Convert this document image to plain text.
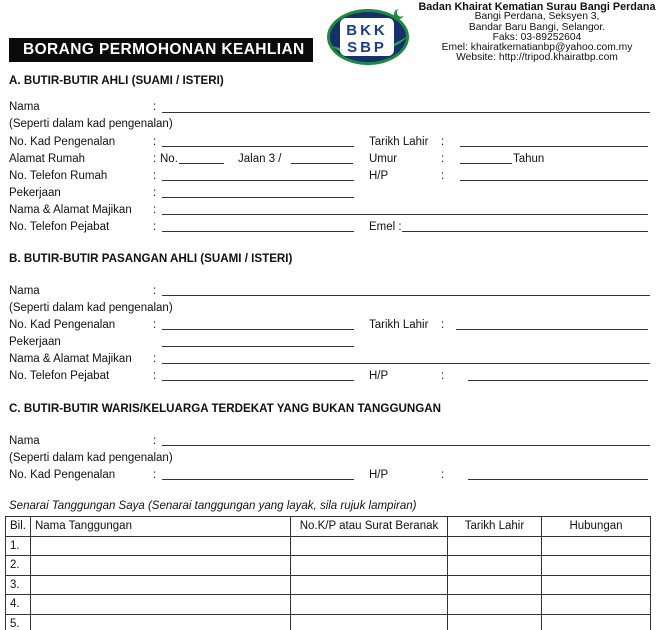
BORANG PERMOHONAN KEAHLIAN
BKK
SBP
Badan Khairat Kematian Surau Bangi Perdana
Bangi Perdana, Seksyen 3,
Bandar Baru Bangi, Selangor.
Faks: 03-89252604
Emel: khairatkematianbp@yahoo.com.my
Website: http://tripod.khairatbp.com
A. BUTIR-BUTIR AHLI (SUAMI / ISTERI)
Nama	:
(Seperti dalam kad pengenalan)
No. Kad Pengenalan	:	Tarikh Lahir :
Alamat Rumah	: No.	Jalan 3 /	Umur	:	Tahun
No. Telefon Rumah	:	H/P	:
Pekerjaan	:
Nama & Alamat Majikan :
No. Telefon Pejabat	:	Emel :
B. BUTIR-BUTIR PASANGAN AHLI (SUAMI / ISTERI)
Nama	:
(Seperti dalam kad pengenalan)
No. Kad Pengenalan	:	Tarikh Lahir :
Pekerjaan
Nama & Alamat Majikan :
No. Telefon Pejabat	:	H/P	:
C. BUTIR-BUTIR WARIS/KELUARGA TERDEKAT YANG BUKAN TANGGUNGAN
Nama	:
(Seperti dalam kad pengenalan)
No. Kad Pengenalan	:	H/P	:
Senarai Tanggungan Saya (Senarai tanggungan yang layak, sila rujuk lampiran)
Bil.	Nama Tanggungan	No.K/P atau Surat Beranak	Tarikh Lahir	Hubungan
1.				
2.				
3.				
4.				
5.				
